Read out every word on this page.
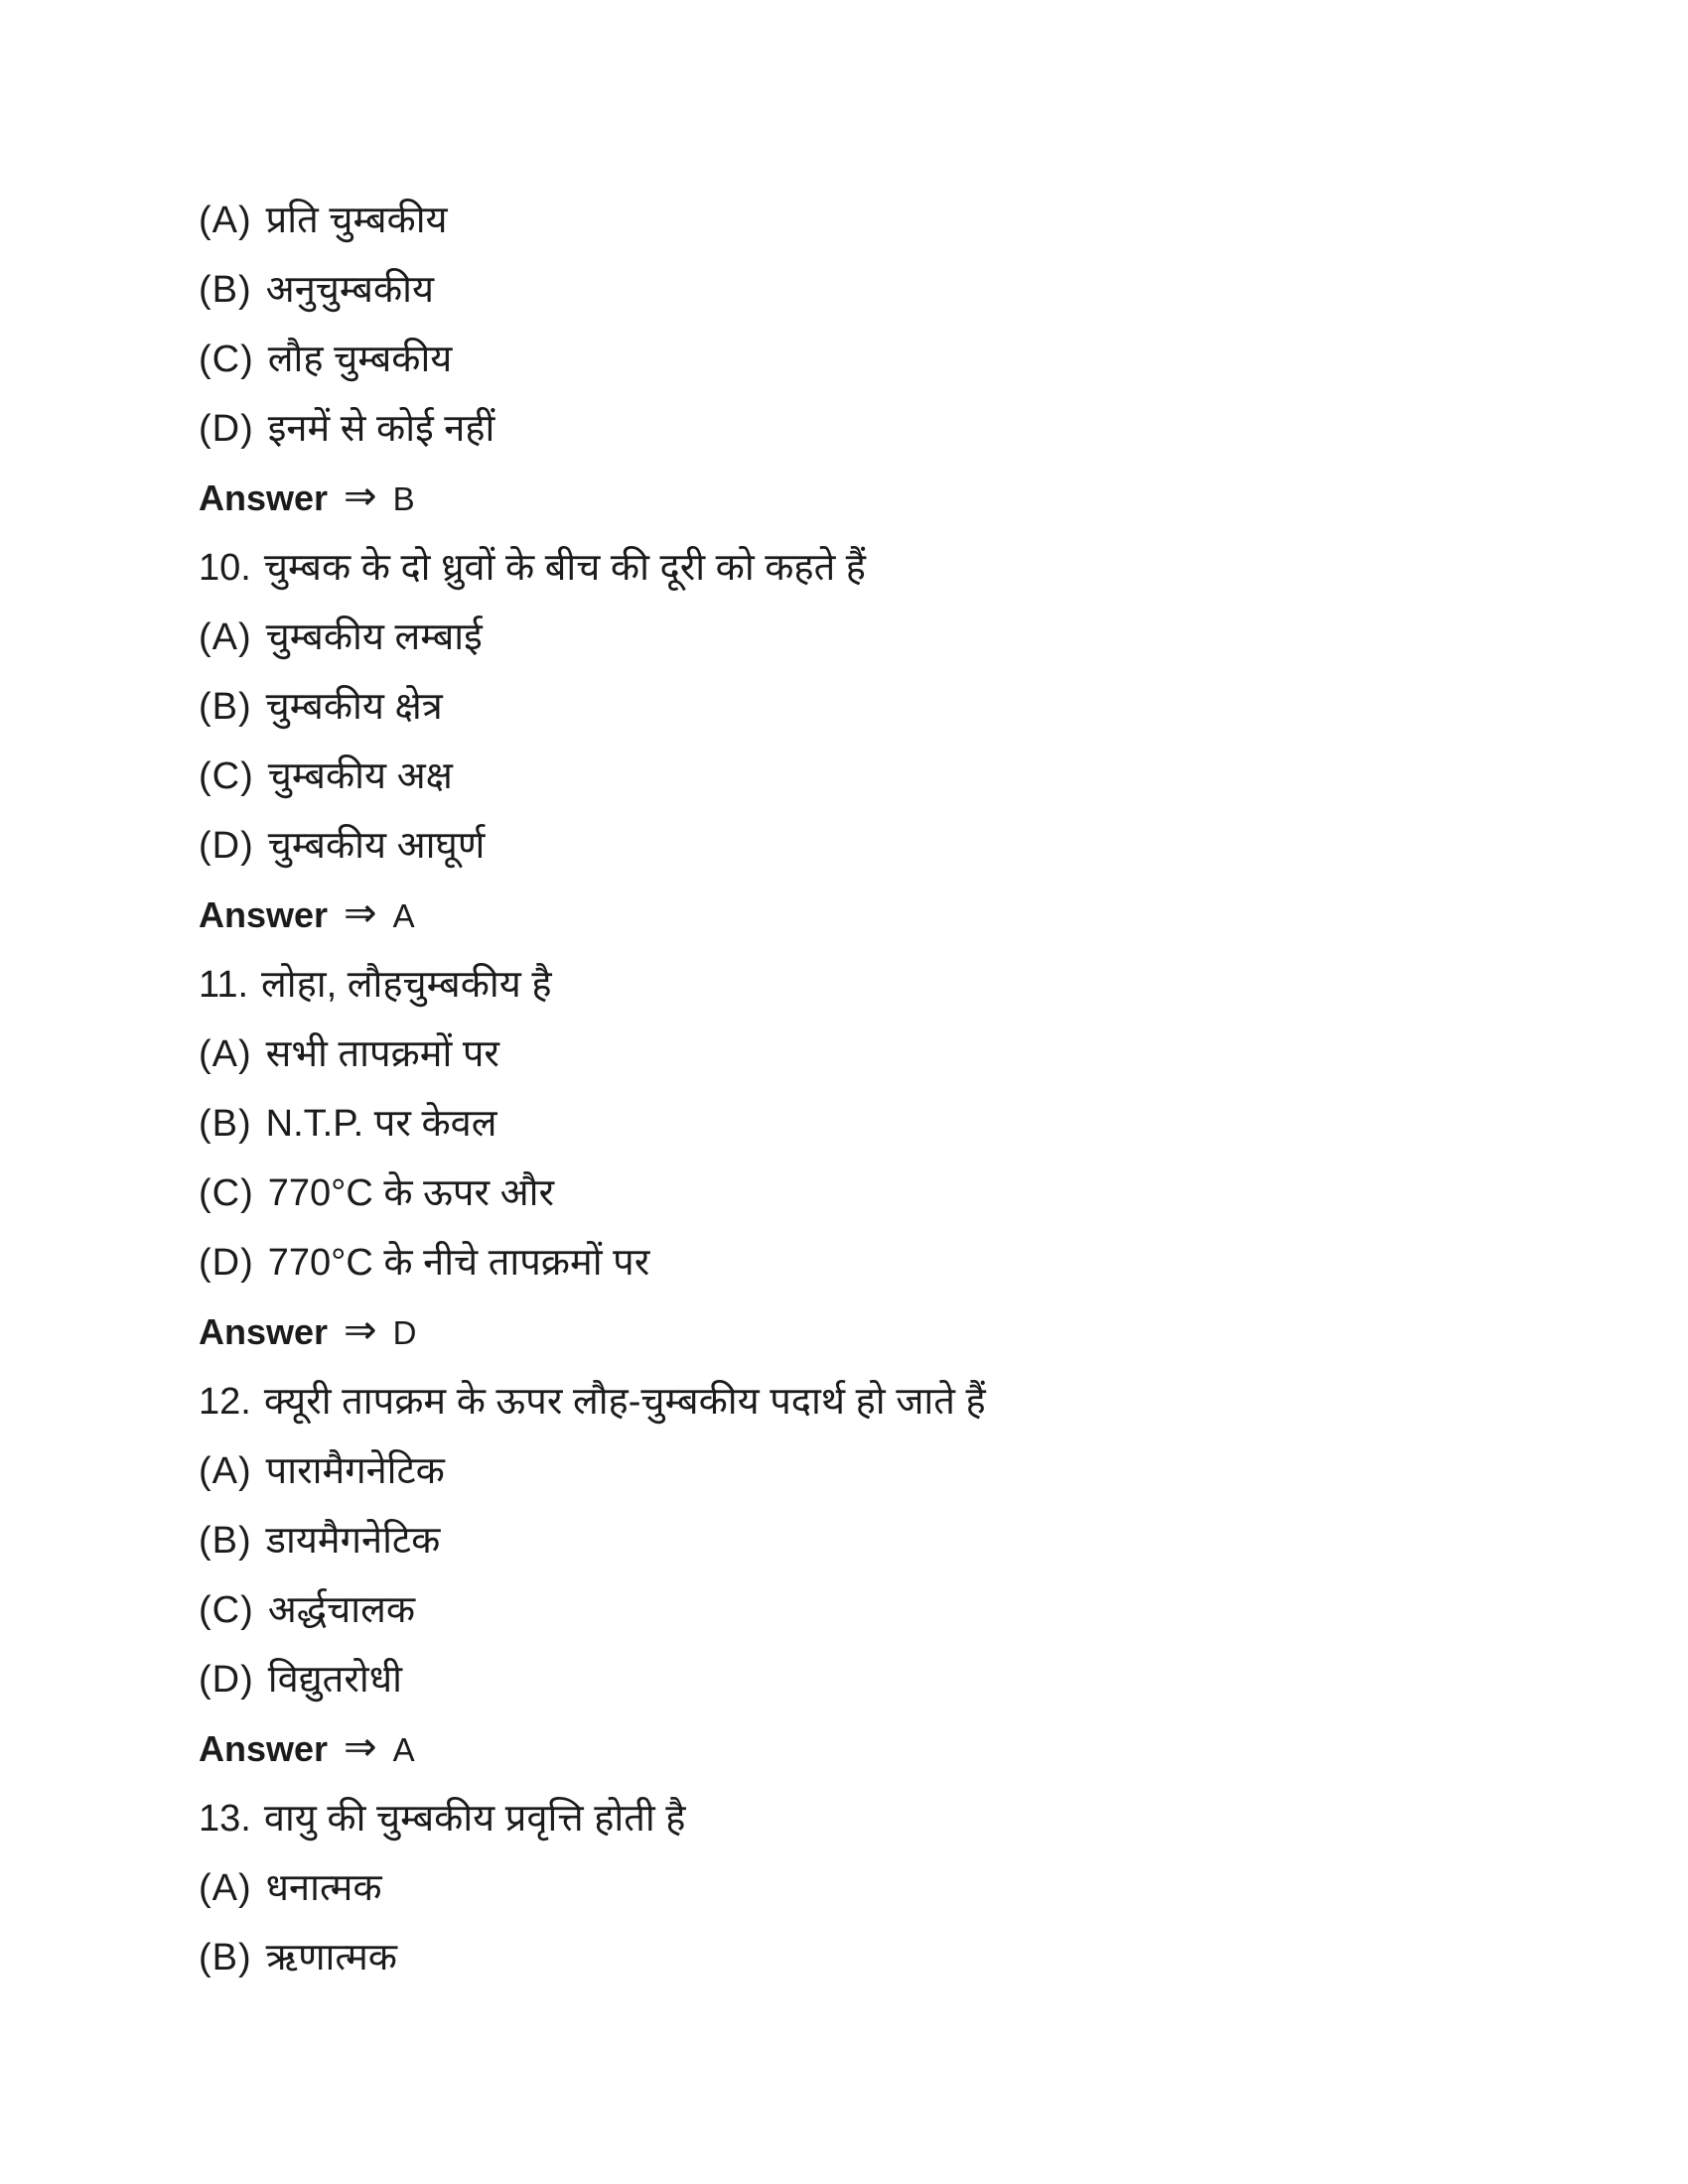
(A) प्रति चुम्बकीय
(B) अनुचुम्बकीय
(C) लौह चुम्बकीय
(D) इनमें से कोई नहीं
Answer ⇒ B
10. चुम्बक के दो ध्रुवों के बीच की दूरी को कहते हैं
(A) चुम्बकीय लम्बाई
(B) चुम्बकीय क्षेत्र
(C) चुम्बकीय अक्ष
(D) चुम्बकीय आघूर्ण
Answer ⇒ A
11. लोहा, लौहचुम्बकीय है
(A) सभी तापक्रमों पर
(B) N.T.P. पर केवल
(C) 770°C के ऊपर और
(D) 770°C के नीचे तापक्रमों पर
Answer ⇒ D
12. क्यूरी तापक्रम के ऊपर लौह-चुम्बकीय पदार्थ हो जाते हैं
(A) पारामैगनेटिक
(B) डायमैगनेटिक
(C) अर्द्धचालक
(D) विद्युतरोधी
Answer ⇒ A
13. वायु की चुम्बकीय प्रवृत्ति होती है
(A) धनात्मक
(B) ऋणात्मक
